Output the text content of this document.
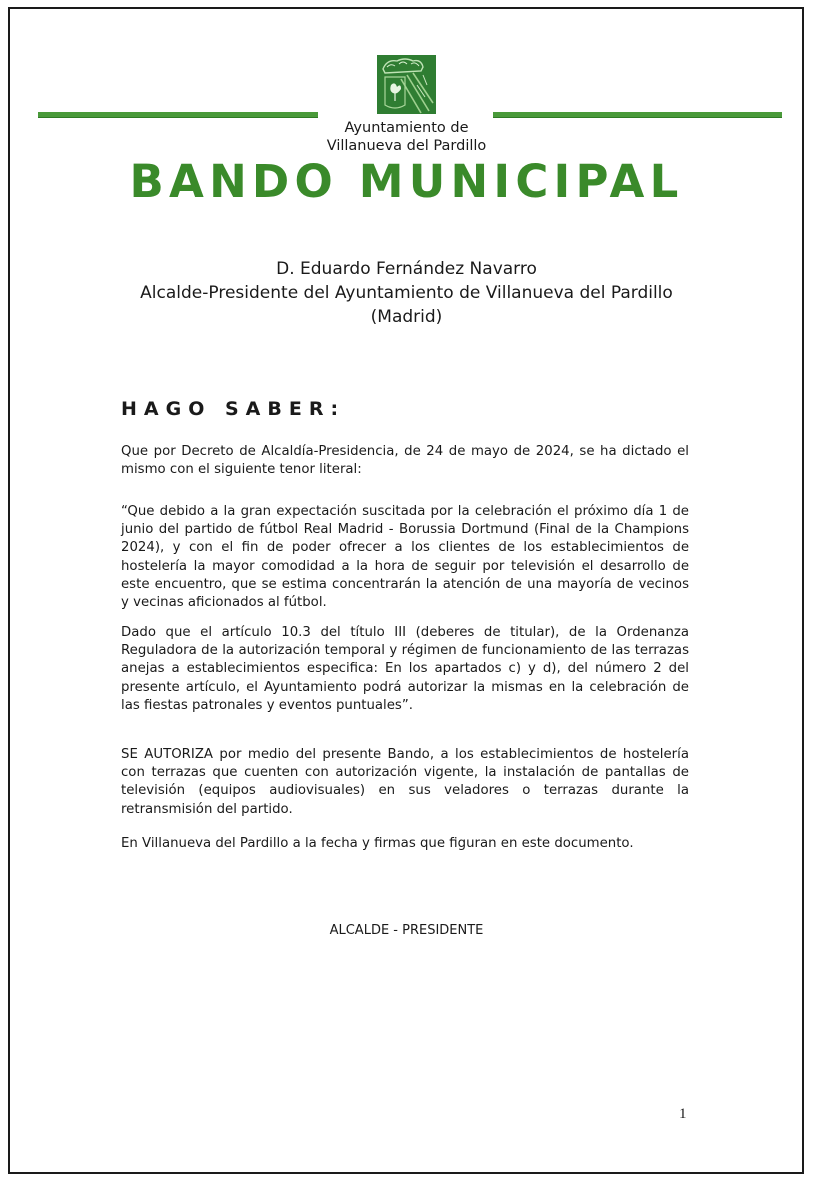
Ayuntamiento de
Villanueva del Pardillo
BANDO MUNICIPAL
D. Eduardo Fernández Navarro
Alcalde-Presidente del Ayuntamiento de Villanueva del Pardillo
(Madrid)
HAGO SABER:

Que por Decreto de Alcaldía-Presidencia, de 24 de mayo de 2024, se ha dictado el mismo con el siguiente tenor literal:

“Que debido a la gran expectación suscitada por la celebración el próximo día 1 de junio del partido de fútbol Real Madrid - Borussia Dortmund (Final de la Champions 2024), y con el fin de poder ofrecer a los clientes de los establecimientos de hostelería la mayor comodidad a la hora de seguir por televisión el desarrollo de este encuentro, que se estima concentrarán la atención de una mayoría de vecinos y vecinas aficionados al fútbol.

Dado que el artículo 10.3 del título III (deberes de titular), de la Ordenanza Reguladora de la autorización temporal y régimen de funcionamiento de las terrazas anejas a establecimientos especifica: En los apartados c) y d), del número 2 del presente artículo, el Ayuntamiento podrá autorizar la mismas en la celebración de las fiestas patronales y eventos puntuales”.

SE AUTORIZA por medio del presente Bando, a los establecimientos de hostelería con terrazas que cuenten con autorización vigente, la instalación de pantallas de televisión (equipos audiovisuales) en sus veladores o terrazas durante la retransmisión del partido.

En Villanueva del Pardillo a la fecha y firmas que figuran en este documento.

ALCALDE - PRESIDENTE
1
